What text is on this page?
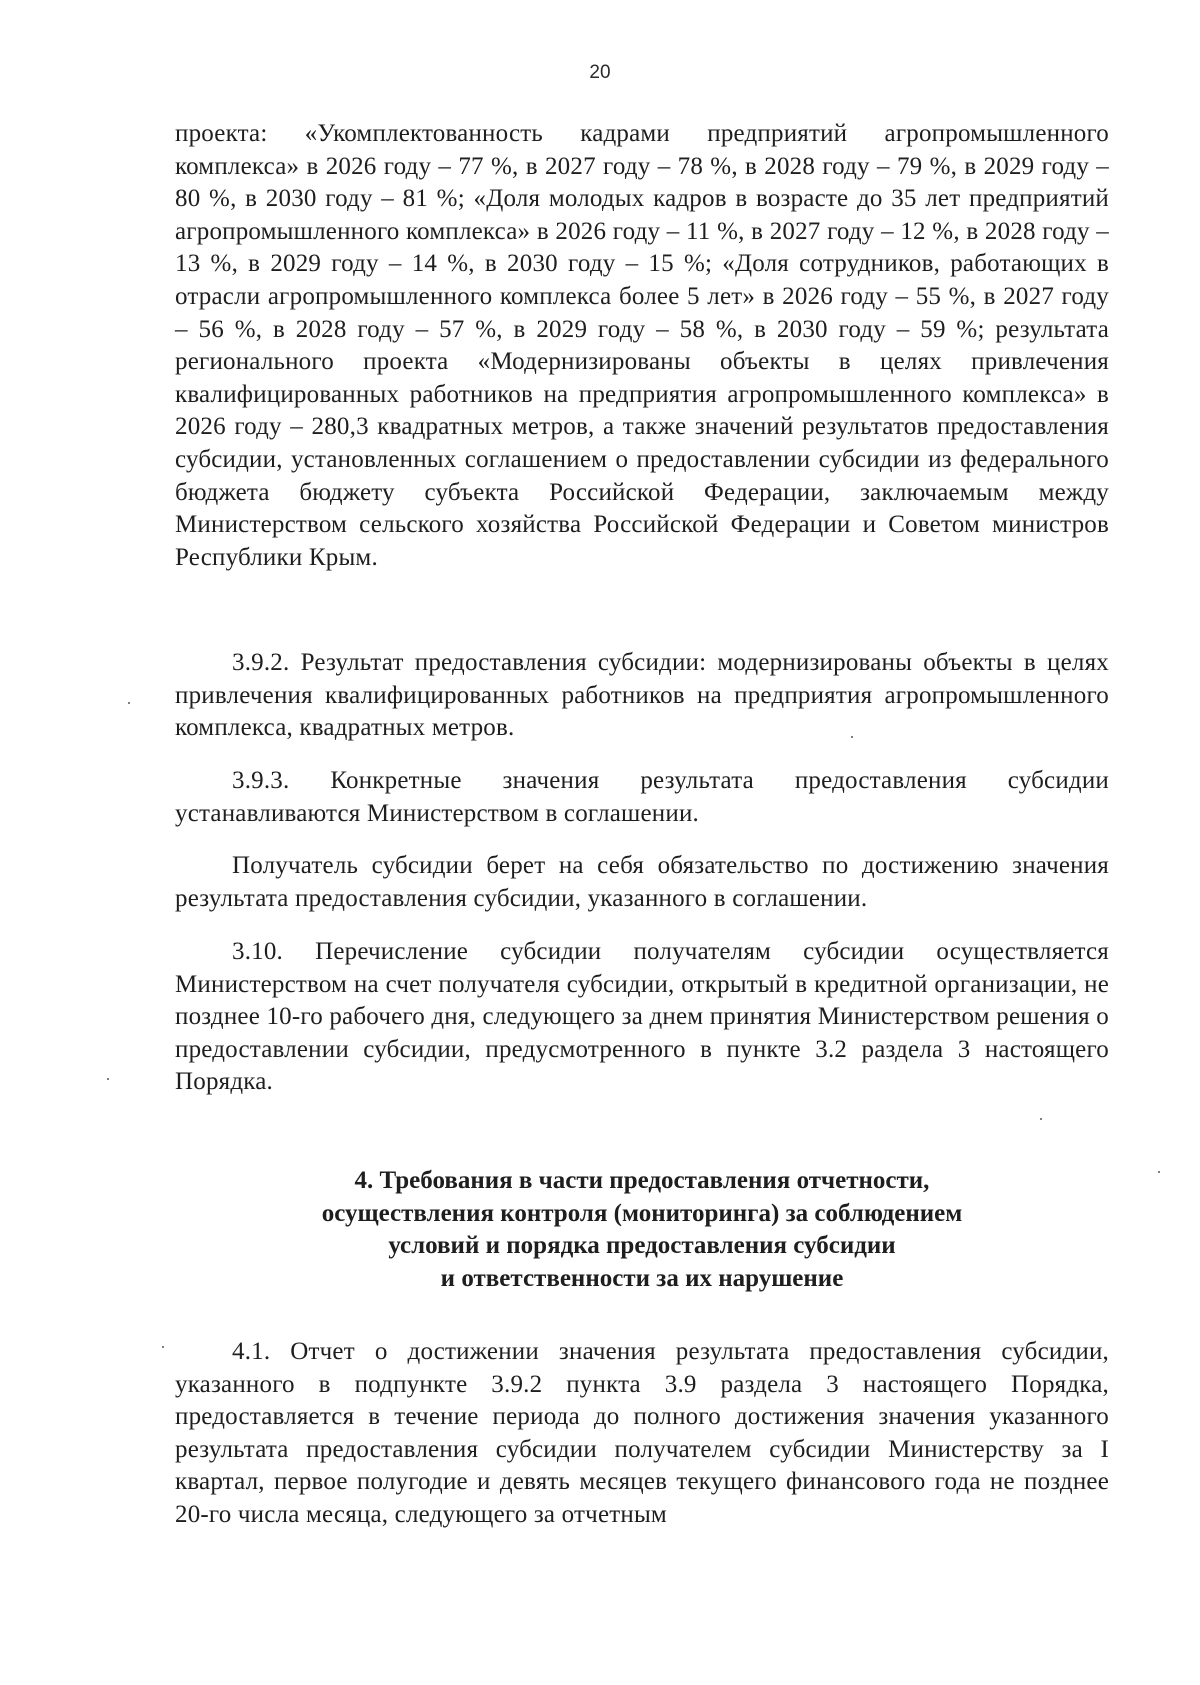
20
проекта: «Укомплектованность кадрами предприятий агропромышленного комплекса» в 2026 году – 77 %, в 2027 году – 78 %, в 2028 году – 79 %, в 2029 году – 80 %, в 2030 году – 81 %; «Доля молодых кадров в возрасте до 35 лет предприятий агропромышленного комплекса» в 2026 году – 11 %, в 2027 году – 12 %, в 2028 году – 13 %, в 2029 году – 14 %, в 2030 году – 15 %; «Доля сотрудников, работающих в отрасли агропромышленного комплекса более 5 лет» в 2026 году – 55 %, в 2027 году – 56 %, в 2028 году – 57 %, в 2029 году – 58 %, в 2030 году – 59 %; результата регионального проекта «Модернизированы объекты в целях привлечения квалифицированных работников на предприятия агропромышленного комплекса» в 2026 году – 280,3 квадратных метров, а также значений результатов предоставления субсидии, установленных соглашением о предоставлении субсидии из федерального бюджета бюджету субъекта Российской Федерации, заключаемым между Министерством сельского хозяйства Российской Федерации и Советом министров Республики Крым.
3.9.2. Результат предоставления субсидии: модернизированы объекты в целях привлечения квалифицированных работников на предприятия агропромышленного комплекса, квадратных метров.
3.9.3. Конкретные значения результата предоставления субсидии устанавливаются Министерством в соглашении.
Получатель субсидии берет на себя обязательство по достижению значения результата предоставления субсидии, указанного в соглашении.
3.10. Перечисление субсидии получателям субсидии осуществляется Министерством на счет получателя субсидии, открытый в кредитной организации, не позднее 10-го рабочего дня, следующего за днем принятия Министерством решения о предоставлении субсидии, предусмотренного в пункте 3.2 раздела 3 настоящего Порядка.
4. Требования в части предоставления отчетности,
осуществления контроля (мониторинга) за соблюдением
условий и порядка предоставления субсидии
и ответственности за их нарушение
4.1. Отчет о достижении значения результата предоставления субсидии, указанного в подпункте 3.9.2 пункта 3.9 раздела 3 настоящего Порядка, предоставляется в течение периода до полного достижения значения указанного результата предоставления субсидии получателем субсидии Министерству за I квартал, первое полугодие и девять месяцев текущего финансового года не позднее 20-го числа месяца, следующего за отчетным
